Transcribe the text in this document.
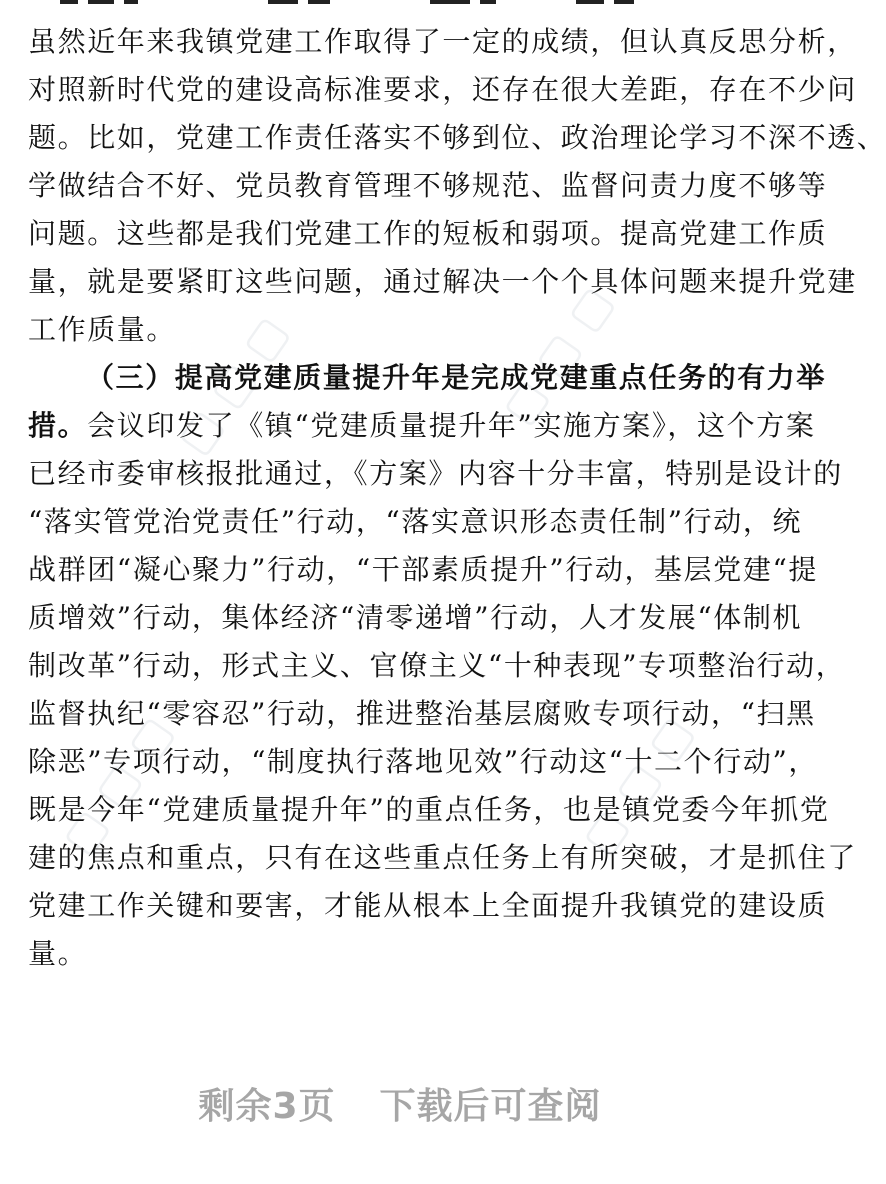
▢ ▢ ▢	▢ ▢ ▢
▢ ▢ ▢	▢ ▢ ▢
虽然近年来我镇党建工作取得了一定的成绩，但认真反思分析，
对照新时代党的建设高标准要求，还存在很大差距，存在不少问
题。比如，党建工作责任落实不够到位、政治理论学习不深不透、
学做结合不好、党员教育管理不够规范、监督问责力度不够等
问题。这些都是我们党建工作的短板和弱项。提高党建工作质
量，就是要紧盯这些问题，通过解决一个个具体问题来提升党建
工作质量。
（三）提高党建质量提升年是完成党建重点任务的有力举
措。会议印发了《镇“党建质量提升年”实施方案》，这个方案
已经市委审核报批通过，《方案》内容十分丰富，特别是设计的
“落实管党治党责任”行动，“落实意识形态责任制”行动，统
战群团“凝心聚力”行动，“干部素质提升”行动，基层党建“提
质增效”行动，集体经济“清零递增”行动，人才发展“体制机
制改革”行动，形式主义、官僚主义“十种表现”专项整治行动，
监督执纪“零容忍”行动，推进整治基层腐败专项行动，“扫黑
除恶”专项行动，“制度执行落地见效”行动这“十二个行动”，
既是今年“党建质量提升年”的重点任务，也是镇党委今年抓党
建的焦点和重点，只有在这些重点任务上有所突破，才是抓住了
党建工作关键和要害，才能从根本上全面提升我镇党的建设质
量。
剩余3页 下载后可查阅
